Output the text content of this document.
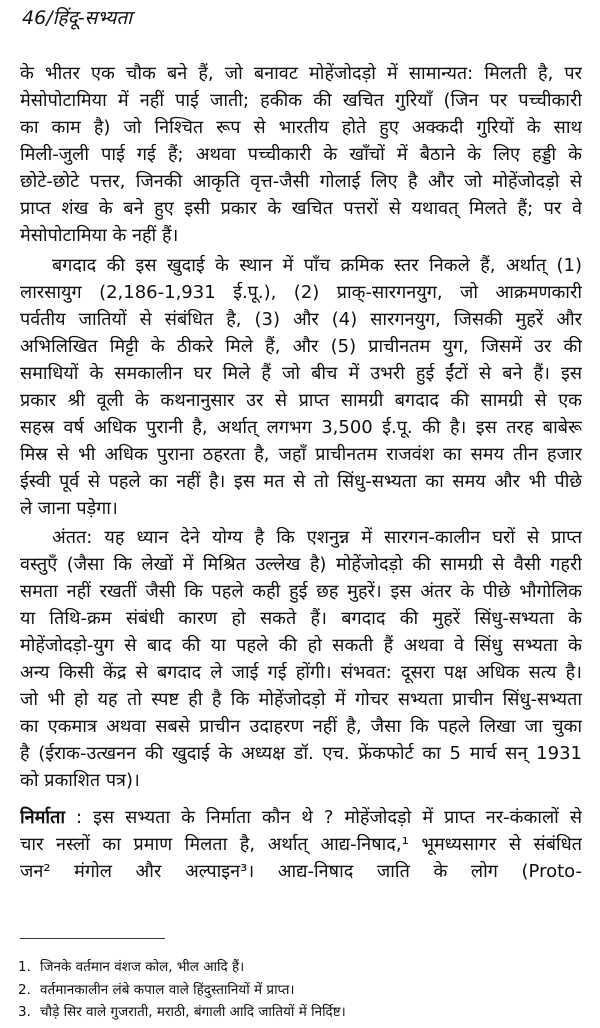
46/हिंदू-सभ्यता
के भीतर एक चौक बने हैं, जो बनावट मोहेंजोदड़ो में सामान्यत: मिलती है, पर
मेसोपोटामिया में नहीं पाई जाती; हकीक की खचित गुरियाँ (जिन पर पच्चीकारी
का काम है) जो निश्चित रूप से भारतीय होते हुए अक्कदी गुरियों के साथ
मिली-जुली पाई गई हैं; अथवा पच्चीकारी के खाँचों में बैठाने के लिए हड्डी के
छोटे-छोटे पत्तर, जिनकी आकृति वृत्त-जैसी गोलाई लिए है और जो मोहेंजोदड़ो से
प्राप्त शंख के बने हुए इसी प्रकार के खचित पत्तरों से यथावत् मिलते हैं; पर वे
मेसोपोटामिया के नहीं हैं।
बगदाद की इस खुदाई के स्थान में पाँच क्रमिक स्तर निकले हैं, अर्थात् (1)
लारसायुग (2,186-1,931 ई.पू.), (2) प्राक्-सारगनयुग, जो आक्रमणकारी
पर्वतीय जातियों से संबंधित है, (3) और (4) सारगनयुग, जिसकी मुहरें और
अभिलिखित मिट्टी के ठीकरे मिले हैं, और (5) प्राचीनतम युग, जिसमें उर की
समाधियों के समकालीन घर मिले हैं जो बीच में उभरी हुई ईंटों से बने हैं। इस
प्रकार श्री वूली के कथनानुसार उर से प्राप्त सामग्री बगदाद की सामग्री से एक
सहस्र वर्ष अधिक पुरानी है, अर्थात् लगभग 3,500 ई.पू. की है। इस तरह बाबेरू
मिस्र से भी अधिक पुराना ठहरता है, जहाँ प्राचीनतम राजवंश का समय तीन हजार
ईस्वी पूर्व से पहले का नहीं है। इस मत से तो सिंधु-सभ्यता का समय और भी पीछे
ले जाना पड़ेगा।
अंतत: यह ध्यान देने योग्य है कि एशनुन्न में सारगन-कालीन घरों से प्राप्त
वस्तुएँ (जैसा कि लेखों में मिश्रित उल्लेख है) मोहेंजोदड़ो की सामग्री से वैसी गहरी
समता नहीं रखतीं जैसी कि पहले कही हुई छह मुहरें। इस अंतर के पीछे भौगोलिक
या तिथि-क्रम संबंधी कारण हो सकते हैं। बगदाद की मुहरें सिंधु-सभ्यता के
मोहेंजोदड़ो-युग से बाद की या पहले की हो सकती हैं अथवा वे सिंधु सभ्यता के
अन्य किसी केंद्र से बगदाद ले जाई गई होंगी। संभवत: दूसरा पक्ष अधिक सत्य है।
जो भी हो यह तो स्पष्ट ही है कि मोहेंजोदड़ो में गोचर सभ्यता प्राचीन सिंधु-सभ्यता
का एकमात्र अथवा सबसे प्राचीन उदाहरण नहीं है, जैसा कि पहले लिखा जा चुका
है (ईराक-उत्खनन की खुदाई के अध्यक्ष डॉ. एच. फ्रेंकफोर्ट का 5 मार्च सन् 1931
को प्रकाशित पत्र)।
निर्माता : इस सभ्यता के निर्माता कौन थे ? मोहेंजोदड़ो में प्राप्त नर-कंकालों से
चार नस्लों का प्रमाण मिलता है, अर्थात् आद्य-निषाद,¹ भूमध्यसागर से संबंधित
जन² मंगोल और अल्पाइन³। आद्य-निषाद जाति के लोग (Proto-
1. जिनके वर्तमान वंशज कोल, भील आदि हैं।
2. वर्तमानकालीन लंबे कपाल वाले हिंदुस्तानियों में प्राप्त।
3. चौड़े सिर वाले गुजराती, मराठी, बंगाली आदि जातियों में निर्दिष्ट।
